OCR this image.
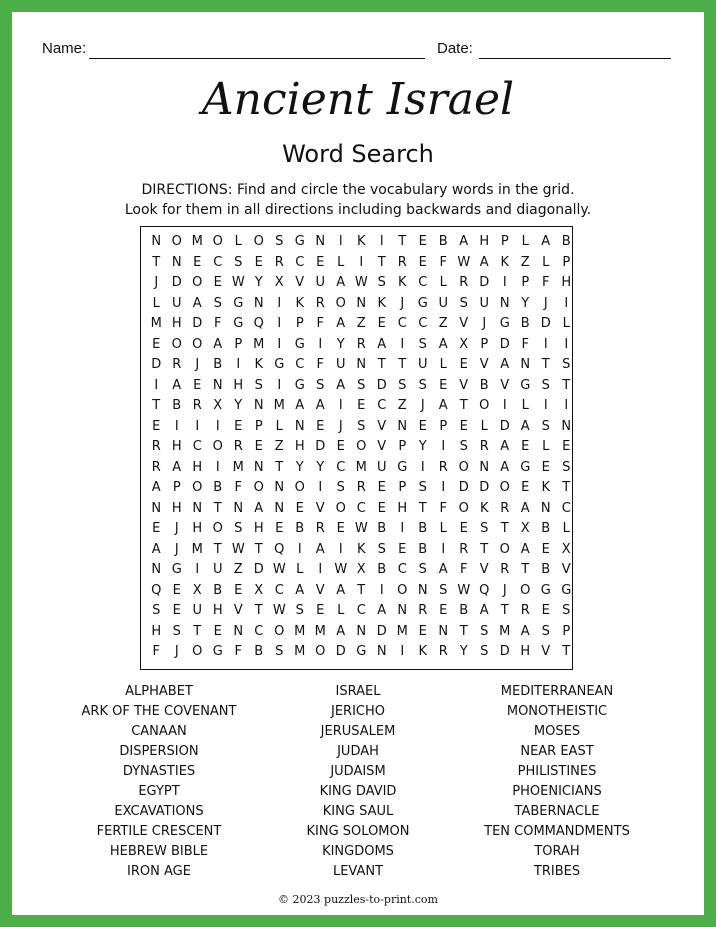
Name:	Date:
Ancient Israel
Word Search
DIRECTIONS: Find and circle the vocabulary words in the grid.
Look for them in all directions including backwards and diagonally.
N O M O L O S G N	I	K	I	T E B A H P L A B
T N E C S E R C E L	I	T R E F W A K Z L P
J	D O E W Y X V U A W S K C L R D	I	P F H
L U A S G N	I	K R O N K	J	G U S U N Y	J	I
M H D F G Q	I	P F A Z E C C Z V	J	G B D L
E O O A P M I	G	I	Y R A	I	S A X P D F	I	I
D R	J	B	I	K G C F U N T T U L E V A N T S
I	A E N H S	I	G S A S D S S E V B V G S T
T B R X Y N M A A	I	E C Z	J	A T O	I	L	I	I
E	I	I	I	E P L N E	J	S V N E P E L D A S N
R H C O R E Z H D E O V P Y	I	S R A E L E
R A H	I M N T Y Y C M U G	I	R O N A G E S
A P O B F O N O	I	S R E P S	I	D D O E K T
N H N T N A N E V O C E H T F O K R A N C
E	J	H O S H E B R E W B	I	B L E S T X B L
A	J M T W T Q	I	A	I	K S E B	I	R T O A E X
N G	I	U Z D W L	I W X B C S A F V R T B V
Q E X B E X C A V A T	I	O N S W Q	J	O G G
S E U H V T W S E L C A N R E B A T R E S
H S T E N C O M M A N D M E N T S M A S P
F	J	O G F B S M O D G N	I	K R Y S D H V T
ALPHABET
ARK OF THE COVENANT
CANAAN
DISPERSION
DYNASTIES
EGYPT
EXCAVATIONS
FERTILE CRESCENT
HEBREW BIBLE
IRON AGE
ISRAEL
JERICHO
JERUSALEM
JUDAH
JUDAISM
KING DAVID
KING SAUL
KING SOLOMON
KINGDOMS
LEVANT
MEDITERRANEAN
MONOTHEISTIC
MOSES
NEAR EAST
PHILISTINES
PHOENICIANS
TABERNACLE
TEN COMMANDMENTS
TORAH
TRIBES
© 2023 puzzles-to-print.com
